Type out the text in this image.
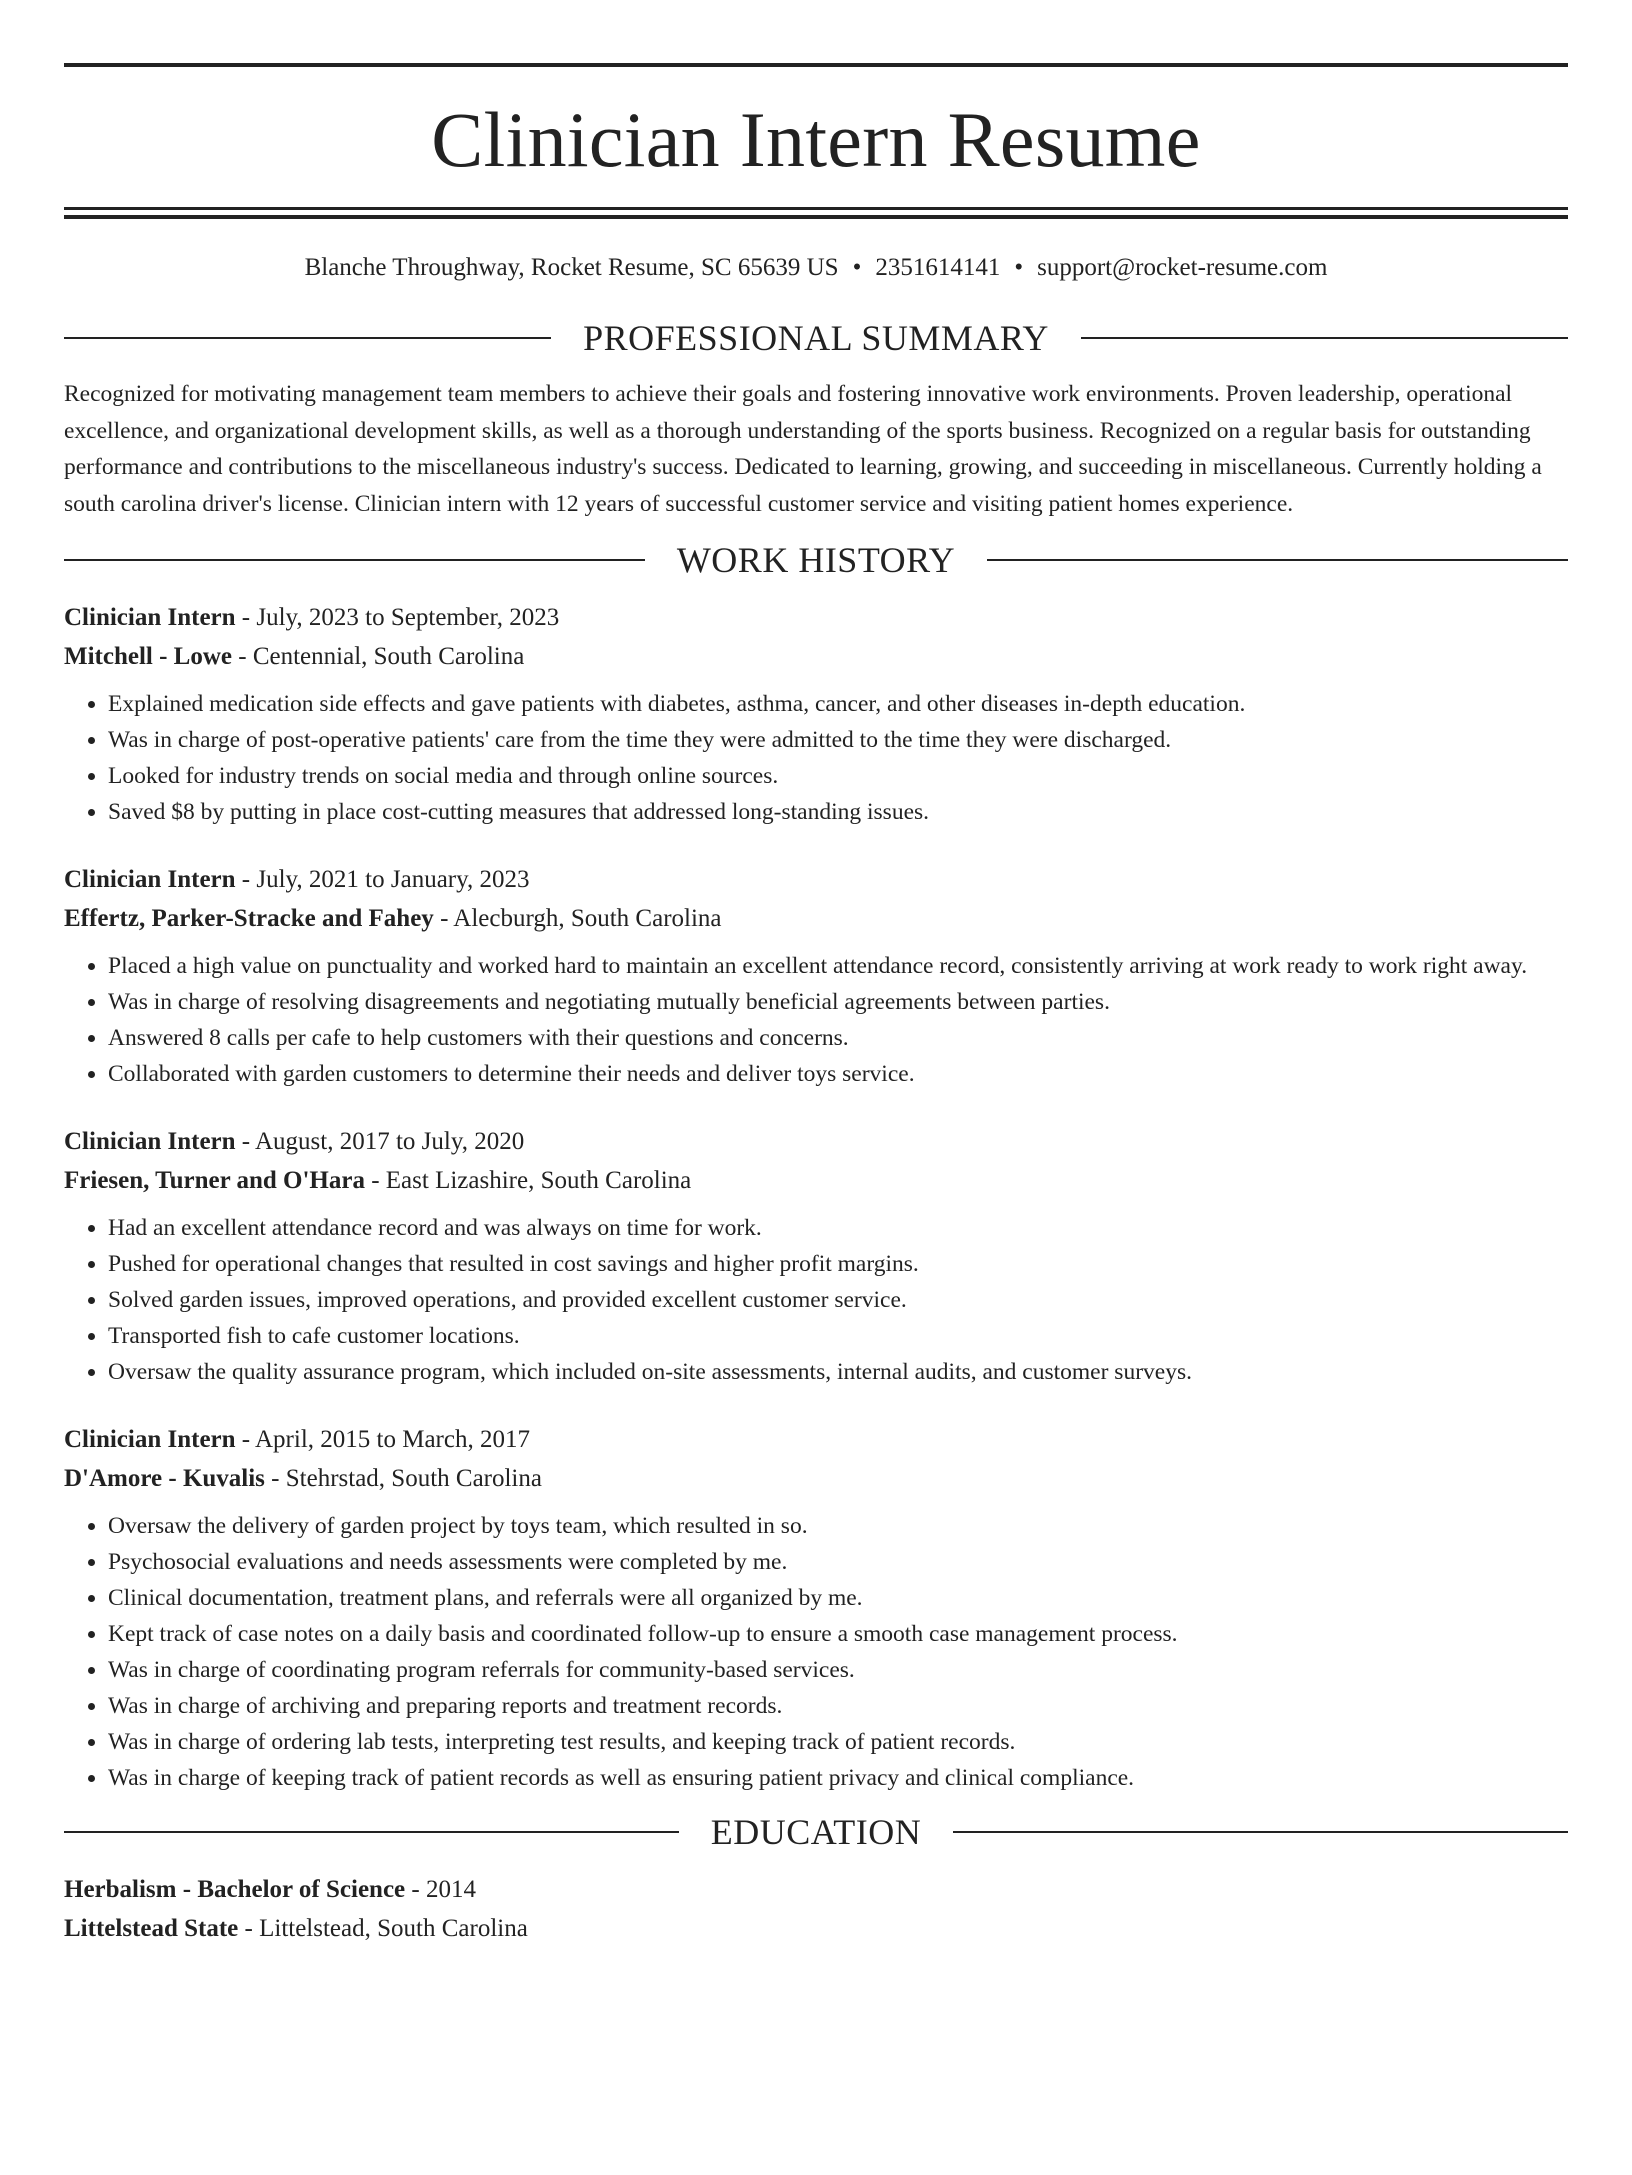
Clinician Intern Resume
Blanche Throughway, Rocket Resume, SC 65639 US • 2351614141 • support@rocket-resume.com
PROFESSIONAL SUMMARY

Recognized for motivating management team members to achieve their goals and fostering innovative work environments. Proven leadership, operational excellence, and organizational development skills, as well as a thorough understanding of the sports business. Recognized on a regular basis for outstanding performance and contributions to the miscellaneous industry's success. Dedicated to learning, growing, and succeeding in miscellaneous. Currently holding a south carolina driver's license. Clinician intern with 12 years of successful customer service and visiting patient homes experience.

WORK HISTORY

Clinician Intern - July, 2023 to September, 2023

Mitchell - Lowe - Centennial, South Carolina

• Explained medication side effects and gave patients with diabetes, asthma, cancer, and other diseases in-depth education.
• Was in charge of post-operative patients' care from the time they were admitted to the time they were discharged.
• Looked for industry trends on social media and through online sources.
• Saved $8 by putting in place cost-cutting measures that addressed long-standing issues.

Clinician Intern - July, 2021 to January, 2023

Effertz, Parker-Stracke and Fahey - Alecburgh, South Carolina

• Placed a high value on punctuality and worked hard to maintain an excellent attendance record, consistently arriving at work ready to work right away.
• Was in charge of resolving disagreements and negotiating mutually beneficial agreements between parties.
• Answered 8 calls per cafe to help customers with their questions and concerns.
• Collaborated with garden customers to determine their needs and deliver toys service.

Clinician Intern - August, 2017 to July, 2020

Friesen, Turner and O'Hara - East Lizashire, South Carolina

• Had an excellent attendance record and was always on time for work.
• Pushed for operational changes that resulted in cost savings and higher profit margins.
• Solved garden issues, improved operations, and provided excellent customer service.
• Transported fish to cafe customer locations.
• Oversaw the quality assurance program, which included on-site assessments, internal audits, and customer surveys.

Clinician Intern - April, 2015 to March, 2017

D'Amore - Kuvalis - Stehrstad, South Carolina

• Oversaw the delivery of garden project by toys team, which resulted in so.
• Psychosocial evaluations and needs assessments were completed by me.
• Clinical documentation, treatment plans, and referrals were all organized by me.
• Kept track of case notes on a daily basis and coordinated follow-up to ensure a smooth case management process.
• Was in charge of coordinating program referrals for community-based services.
• Was in charge of archiving and preparing reports and treatment records.
• Was in charge of ordering lab tests, interpreting test results, and keeping track of patient records.
• Was in charge of keeping track of patient records as well as ensuring patient privacy and clinical compliance.
EDUCATION

Herbalism - Bachelor of Science - 2014

Littelstead State - Littelstead, South Carolina
